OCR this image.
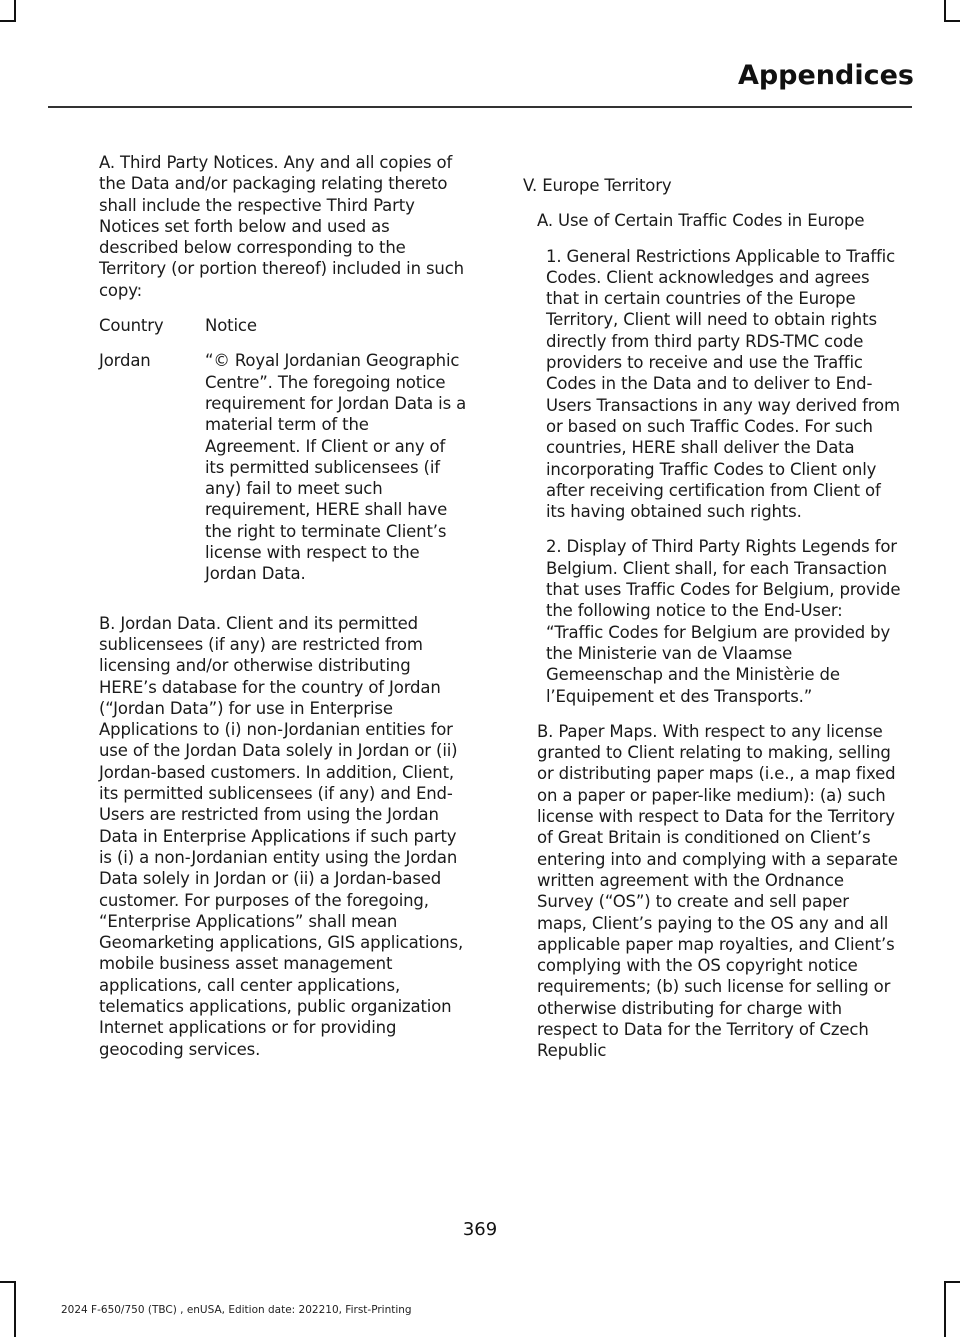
Appendices

A. Third Party Notices. Any and all copies of the Data and/or packaging relating thereto shall include the respective Third Party Notices set forth below and used as described below corresponding to the Territory (or portion thereof) included in such copy:

Country	Notice
Jordan	“© Royal Jordanian Geographic Centre”. The foregoing notice requirement for Jordan Data is a material term of the Agreement. If Client or any of its permitted sublicensees (if any) fail to meet such requirement, HERE shall have the right to terminate Client’s license with respect to the Jordan Data.

B. Jordan Data. Client and its permitted sublicensees (if any) are restricted from licensing and/or otherwise distributing HERE’s database for the country of Jordan (“Jordan Data”) for use in Enterprise Applications to (i) non-Jordanian entities for use of the Jordan Data solely in Jordan or (ii) Jordan-based customers. In addition, Client, its permitted sublicensees (if any) and End-Users are restricted from using the Jordan Data in Enterprise Applications if such party is (i) a non-Jordanian entity using the Jordan Data solely in Jordan or (ii) a Jordan-based customer. For purposes of the foregoing, “Enterprise Applications” shall mean Geomarketing applications, GIS applications, mobile business asset management applications, call center applications, telematics applications, public organization Internet applications or for providing geocoding services.

V. Europe Territory

A. Use of Certain Traffic Codes in Europe

1. General Restrictions Applicable to Traffic Codes. Client acknowledges and agrees that in certain countries of the Europe Territory, Client will need to obtain rights directly from third party RDS-TMC code providers to receive and use the Traffic Codes in the Data and to deliver to End-Users Transactions in any way derived from or based on such Traffic Codes. For such countries, HERE shall deliver the Data incorporating Traffic Codes to Client only after receiving certification from Client of its having obtained such rights.

2. Display of Third Party Rights Legends for Belgium. Client shall, for each Transaction that uses Traffic Codes for Belgium, provide the following notice to the End-User: “Traffic Codes for Belgium are provided by the Ministerie van de Vlaamse Gemeenschap and the Ministèrie de l’Equipement et des Transports.”

B. Paper Maps. With respect to any license granted to Client relating to making, selling or distributing paper maps (i.e., a map fixed on a paper or paper-like medium): (a) such license with respect to Data for the Territory of Great Britain is conditioned on Client’s entering into and complying with a separate written agreement with the Ordnance Survey (“OS”) to create and sell paper maps, Client’s paying to the OS any and all applicable paper map royalties, and Client’s complying with the OS copyright notice requirements; (b) such license for selling or otherwise distributing for charge with respect to Data for the Territory of Czech Republic

369
2024 F-650/750 (TBC) , enUSA, Edition date: 202210, First-Printing
